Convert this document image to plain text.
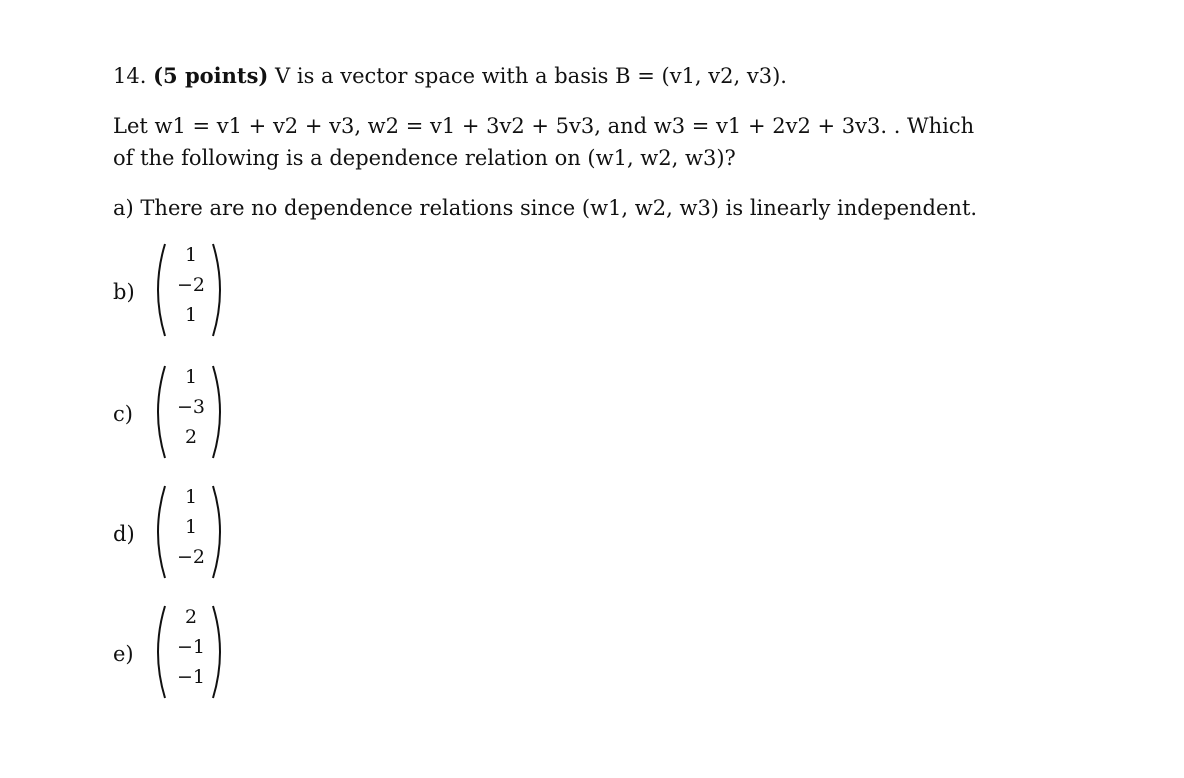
14. (5 points) V is a vector space with a basis B = (v1, v2, v3).
Let w1 = v1 + v2 + v3, w2 = v1 + 3v2 + 5v3, and w3 = v1 + 2v2 + 3v3. . Which
of the following is a dependence relation on (w1, w2, w3)?
a) There are no dependence relations since (w1, w2, w3) is linearly independent.
b)
1
−2
1
c)
1
−3
2
d)
1
1
−2
e)
2
−1
−1
